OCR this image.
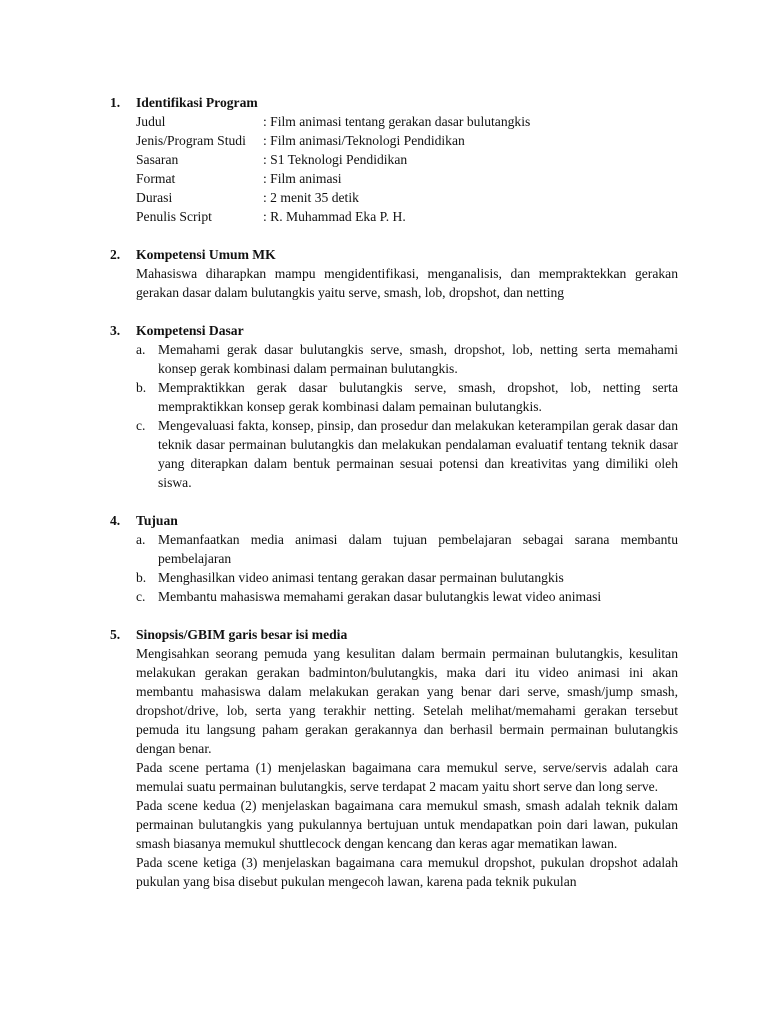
1.	Identifikasi Program
Judul	: Film animasi tentang gerakan dasar bulutangkis
Jenis/Program Studi	: Film animasi/Teknologi Pendidikan
Sasaran	: S1 Teknologi Pendidikan
Format	: Film animasi
Durasi	: 2 menit 35 detik
Penulis Script	: R. Muhammad Eka P. H.
2.	Kompetensi Umum MK
Mahasiswa diharapkan mampu mengidentifikasi, menganalisis, dan mempraktekkan gerakan gerakan dasar dalam bulutangkis yaitu serve, smash, lob, dropshot, dan netting
3.	Kompetensi Dasar
a. Memahami gerak dasar bulutangkis serve, smash, dropshot, lob, netting serta memahami konsep gerak kombinasi dalam permainan bulutangkis.
b. Mempraktikkan gerak dasar bulutangkis serve, smash, dropshot, lob, netting serta mempraktikkan konsep gerak kombinasi dalam pemainan bulutangkis.
c. Mengevaluasi fakta, konsep, pinsip, dan prosedur dan melakukan keterampilan gerak dasar dan teknik dasar permainan bulutangkis dan melakukan pendalaman evaluatif tentang teknik dasar yang diterapkan dalam bentuk permainan sesuai potensi dan kreativitas yang dimiliki oleh siswa.
4.	Tujuan
a. Memanfaatkan media animasi dalam tujuan pembelajaran sebagai sarana membantu pembelajaran
b. Menghasilkan video animasi tentang gerakan dasar permainan bulutangkis
c. Membantu mahasiswa memahami gerakan dasar bulutangkis lewat video animasi
5.	Sinopsis/GBIM garis besar isi media
Mengisahkan seorang pemuda yang kesulitan dalam bermain permainan bulutangkis, kesulitan melakukan gerakan gerakan badminton/bulutangkis, maka dari itu video animasi ini akan membantu mahasiswa dalam melakukan gerakan yang benar dari serve, smash/jump smash, dropshot/drive, lob, serta yang terakhir netting. Setelah melihat/memahami gerakan tersebut pemuda itu langsung paham gerakan gerakannya dan berhasil bermain permainan bulutangkis dengan benar.
Pada scene pertama (1) menjelaskan bagaimana cara memukul serve, serve/servis adalah cara memulai suatu permainan bulutangkis, serve terdapat 2 macam yaitu short serve dan long serve.
Pada scene kedua (2) menjelaskan bagaimana cara memukul smash, smash adalah teknik dalam permainan bulutangkis yang pukulannya bertujuan untuk mendapatkan poin dari lawan, pukulan smash biasanya memukul shuttlecock dengan kencang dan keras agar mematikan lawan.
Pada scene ketiga (3) menjelaskan bagaimana cara memukul dropshot, pukulan dropshot adalah pukulan yang bisa disebut pukulan mengecoh lawan, karena pada teknik pukulan
